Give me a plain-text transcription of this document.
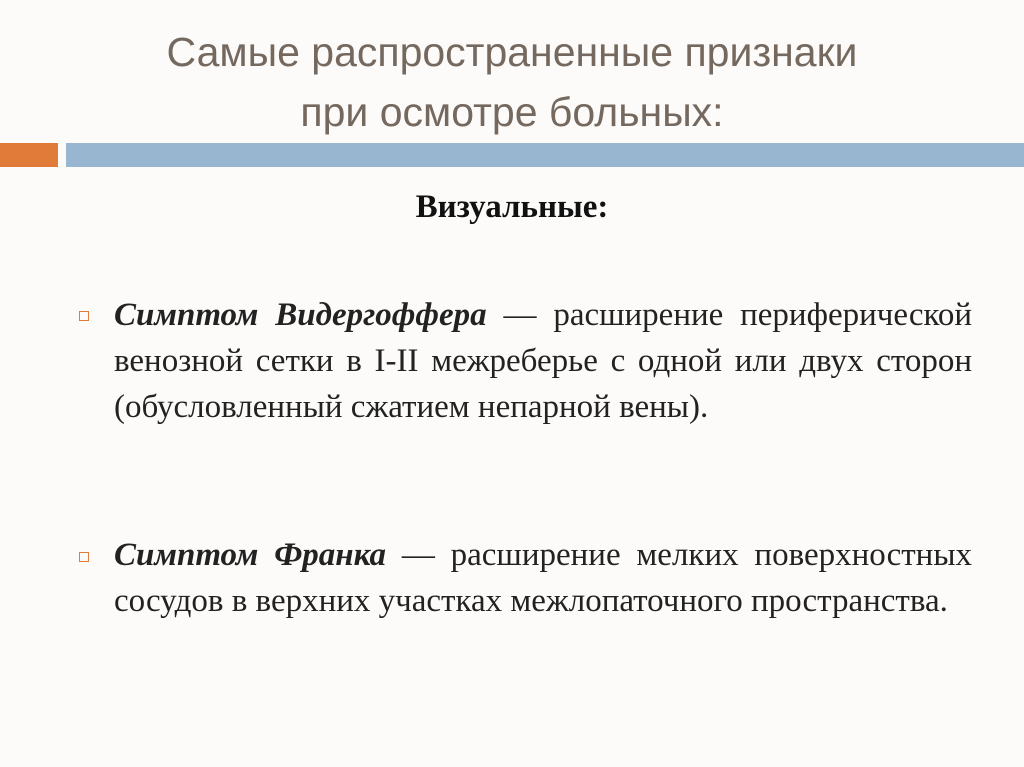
Самые распространенные признаки
при осмотре больных:
Визуальные:
Симптом Видергоффера — расширение периферической венозной сетки в I-II межреберье с одной или двух сторон (обусловленный сжатием непарной вены).
Симптом Франка — расширение мелких поверхностных сосудов в верхних участках межлопаточного пространства.
